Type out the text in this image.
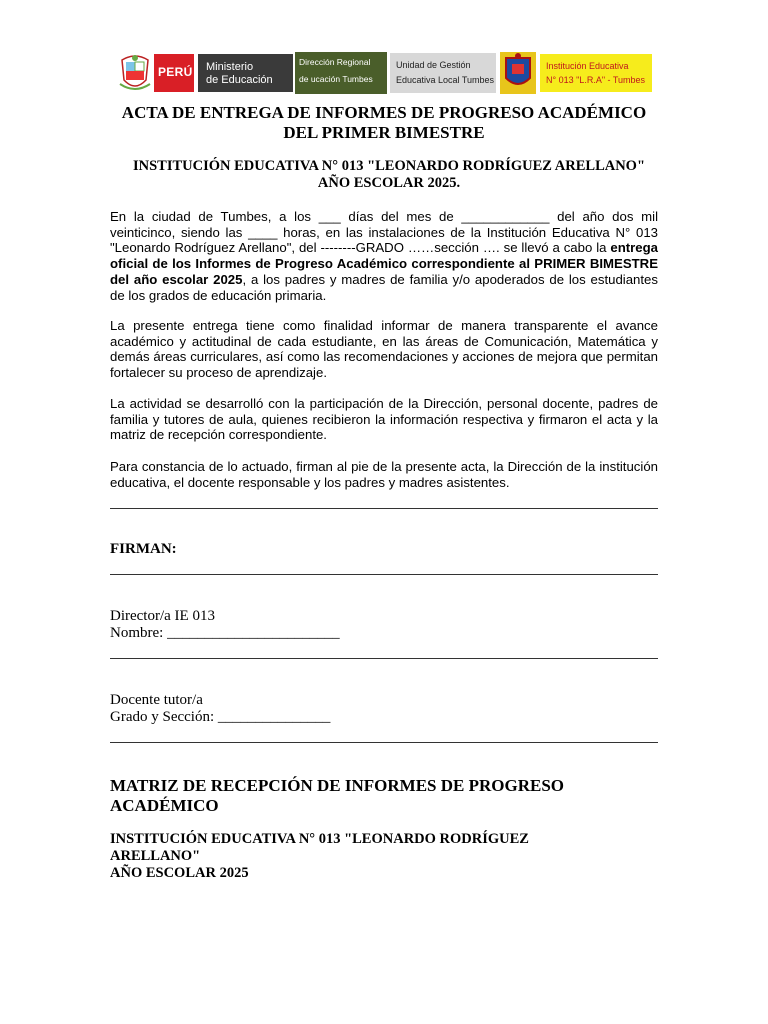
PERÚ Ministerio
de Educación
Dirección Regional
de ucación Tumbes
Unidad de Gestión
Educativa Local Tumbes
Institución Educativa
N° 013 "L.R.A" - Tumbes
ACTA DE ENTREGA DE INFORMES DE PROGRESO ACADÉMICO
DEL PRIMER BIMESTRE
INSTITUCIÓN EDUCATIVA N° 013 "LEONARDO RODRÍGUEZ ARELLANO"
AÑO ESCOLAR 2025.
En la ciudad de Tumbes, a los ___ días del mes de ____________ del año dos mil veinticinco, siendo las ____ horas, en las instalaciones de la Institución Educativa N° 013 "Leonardo Rodríguez Arellano", del --------GRADO ……sección …. se llevó a cabo la entrega oficial de los Informes de Progreso Académico correspondiente al PRIMER BIMESTRE del año escolar 2025, a los padres y madres de familia y/o apoderados de los estudiantes de los grados de educación primaria.
La presente entrega tiene como finalidad informar de manera transparente el avance académico y actitudinal de cada estudiante, en las áreas de Comunicación, Matemática y demás áreas curriculares, así como las recomendaciones y acciones de mejora que permitan fortalecer su proceso de aprendizaje.
La actividad se desarrolló con la participación de la Dirección, personal docente, padres de familia y tutores de aula, quienes recibieron la información respectiva y firmaron el acta y la matriz de recepción correspondiente.
Para constancia de lo actuado, firman al pie de la presente acta, la Dirección de la institución educativa, el docente responsable y los padres y madres asistentes.
FIRMAN:
Director/a IE 013
Nombre: _______________________
Docente tutor/a
Grado y Sección: _______________
MATRIZ DE RECEPCIÓN DE INFORMES DE PROGRESO
ACADÉMICO
INSTITUCIÓN EDUCATIVA N° 013 "LEONARDO RODRÍGUEZ
ARELLANO"
AÑO ESCOLAR 2025
